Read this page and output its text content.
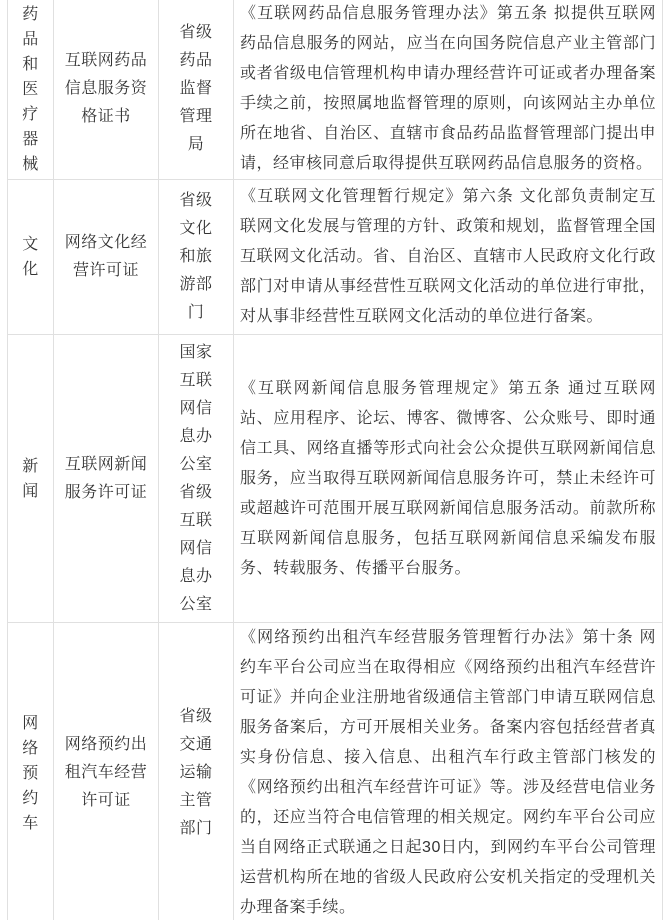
药品和医疗器械	互联网药品信息服务资格证书	省级药品监督管理局	《互联网药品信息服务管理办法》第五条 拟提供互联网药品信息服务的网站，应当在向国务院信息产业主管部门或者省级电信管理机构申请办理经营许可证或者办理备案手续之前，按照属地监督管理的原则，向该网站主办单位所在地省、自治区、直辖市食品药品监督管理部门提出申请，经审核同意后取得提供互联网药品信息服务的资格。
文化	网络文化经营许可证	省级文化和旅游部门	《互联网文化管理暂行规定》第六条 文化部负责制定互联网文化发展与管理的方针、政策和规划，监督管理全国互联网文化活动。省、自治区、直辖市人民政府文化行政部门对申请从事经营性互联网文化活动的单位进行审批，对从事非经营性互联网文化活动的单位进行备案。
新闻	互联网新闻服务许可证	国家互联网信息办公室省级互联网信息办公室	《互联网新闻信息服务管理规定》第五条 通过互联网站、应用程序、论坛、博客、微博客、公众账号、即时通信工具、网络直播等形式向社会公众提供互联网新闻信息服务，应当取得互联网新闻信息服务许可，禁止未经许可或超越许可范围开展互联网新闻信息服务活动。前款所称互联网新闻信息服务，包括互联网新闻信息采编发布服务、转载服务、传播平台服务。
网络预约车	网络预约出租汽车经营许可证	省级交通运输主管部门	《网络预约出租汽车经营服务管理暂行办法》第十条 网约车平台公司应当在取得相应《网络预约出租汽车经营许可证》并向企业注册地省级通信主管部门申请互联网信息服务备案后，方可开展相关业务。备案内容包括经营者真实身份信息、接入信息、出租汽车行政主管部门核发的《网络预约出租汽车经营许可证》等。涉及经营电信业务的，还应当符合电信管理的相关规定。网约车平台公司应当自网络正式联通之日起30日内，到网约车平台公司管理运营机构所在地的省级人民政府公安机关指定的受理机关办理备案手续。
